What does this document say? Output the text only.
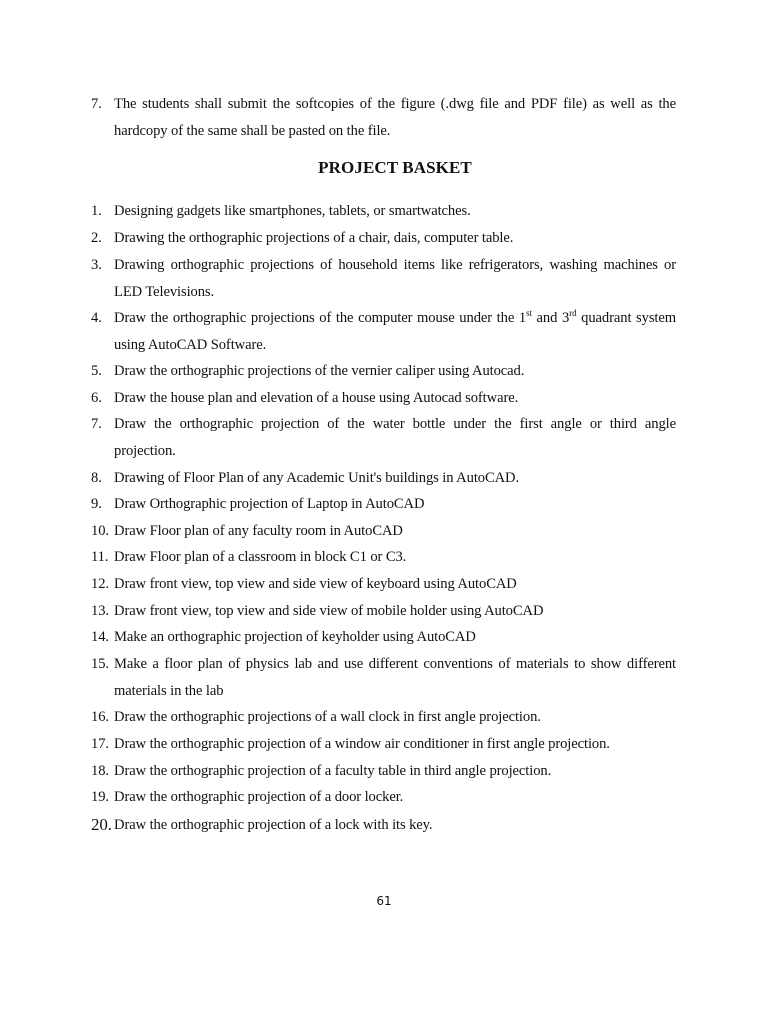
7. The students shall submit the softcopies of the figure (.dwg file and PDF file) as well as the hardcopy of the same shall be pasted on the file.
PROJECT BASKET
1. Designing gadgets like smartphones, tablets, or smartwatches.
2. Drawing the orthographic projections of a chair, dais, computer table.
3. Drawing orthographic projections of household items like refrigerators, washing machines or LED Televisions.
4. Draw the orthographic projections of the computer mouse under the 1st and 3rd quadrant system using AutoCAD Software.
5. Draw the orthographic projections of the vernier caliper using Autocad.
6. Draw the house plan and elevation of a house using Autocad software.
7. Draw the orthographic projection of the water bottle under the first angle or third angle projection.
8. Drawing of Floor Plan of any Academic Unit's buildings in AutoCAD.
9. Draw Orthographic projection of Laptop in AutoCAD
10. Draw Floor plan of any faculty room in AutoCAD
11. Draw Floor plan of a classroom in block C1 or C3.
12. Draw front view, top view and side view of keyboard using AutoCAD
13. Draw front view, top view and side view of mobile holder using AutoCAD
14. Make an orthographic projection of keyholder using AutoCAD
15. Make a floor plan of physics lab and use different conventions of materials to show different materials in the lab
16. Draw the orthographic projections of a wall clock in first angle projection.
17. Draw the orthographic projection of a window air conditioner in first angle projection.
18. Draw the orthographic projection of a faculty table in third angle projection.
19. Draw the orthographic projection of a door locker.
20. Draw the orthographic projection of a lock with its key.
61
